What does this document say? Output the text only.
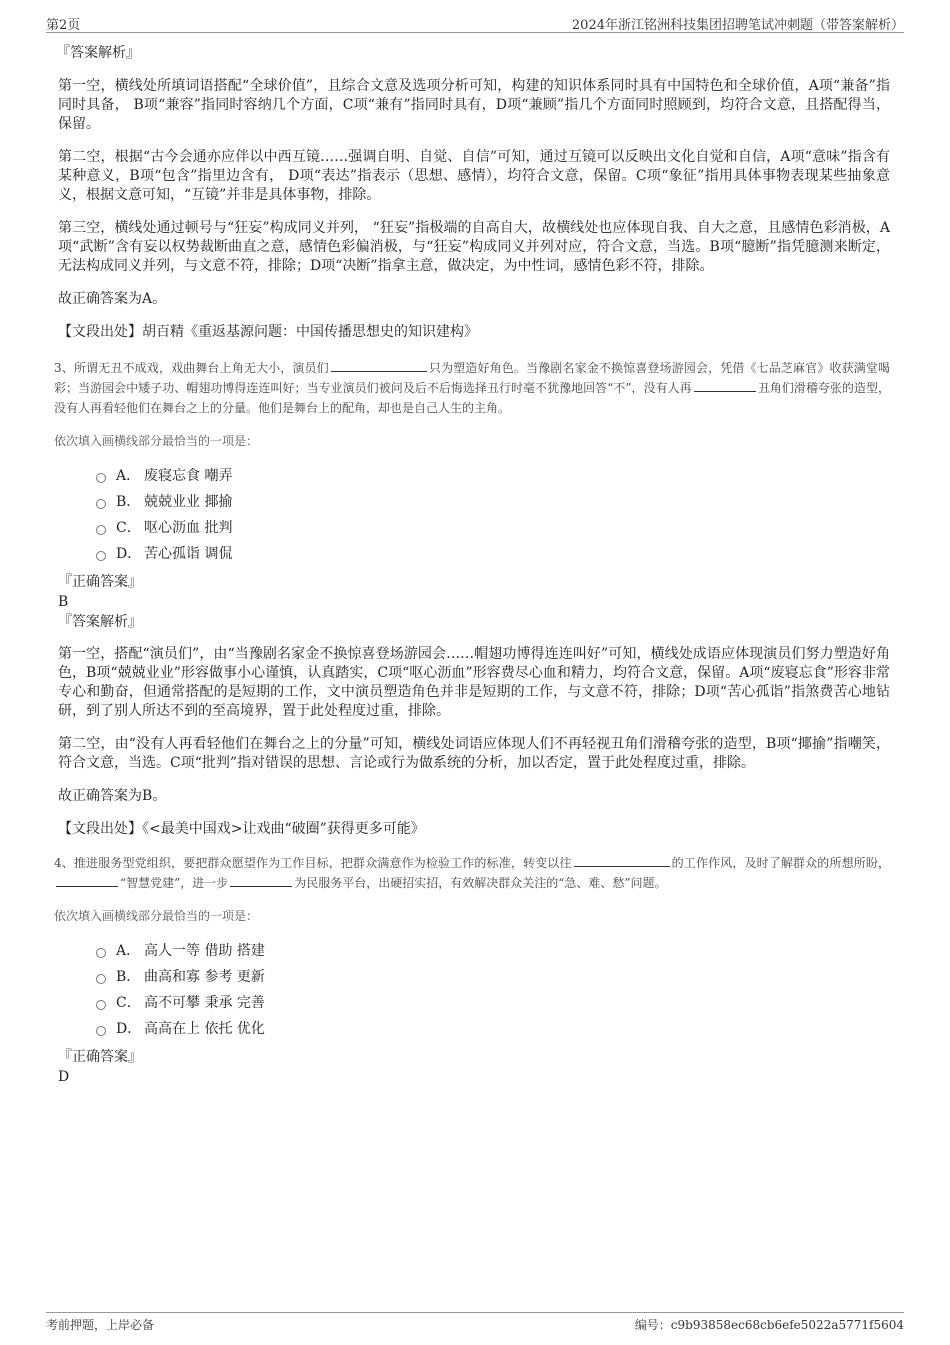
第2页	2024年浙江铭洲科技集团招聘笔试冲刺题（带答案解析）
『答案解析』
第一空，横线处所填词语搭配“全球价值”，且综合文意及选项分析可知，构建的知识体系同时具有中国特色和全球价值，A项“兼备”指同时具备， B项“兼容”指同时容纳几个方面，C项“兼有”指同时具有，D项“兼顾”指几个方面同时照顾到，均符合文意，且搭配得当，保留。
第二空，根据“古今会通亦应伴以中西互镜……强调自明、自觉、自信”可知，通过互镜可以反映出文化自觉和自信，A项“意味”指含有某种意义，B项“包含”指里边含有， D项“表达”指表示（思想、感情），均符合文意，保留。C项“象征”指用具体事物表现某些抽象意义，根据文意可知，“互镜”并非是具体事物，排除。
第三空，横线处通过顿号与“狂妄”构成同义并列， “狂妄”指极端的自高自大，故横线处也应体现自我、自大之意，且感情色彩消极，A项“武断”含有妄以权势裁断曲直之意，感情色彩偏消极，与“狂妄”构成同义并列对应，符合文意，当选。B项“臆断”指凭臆测来断定，无法构成同义并列，与文意不符，排除；D项“决断”指拿主意，做决定，为中性词，感情色彩不符，排除。
故正确答案为A。
【文段出处】胡百精《重返基源问题：中国传播思想史的知识建构》
3、所谓无丑不成戏，戏曲舞台上角无大小，演员们	只为塑造好角色。当豫剧名家金不换惊喜登场游园会，凭借《七品芝麻官》收获满堂喝彩；当游园会中矮子功、帽翅功博得连连叫好；当专业演员们被问及后不后悔选择丑行时毫不犹豫地回答“不”，没有人再	丑角们滑稽夸张的造型，没有人再看轻他们在舞台之上的分量。他们是舞台上的配角，却也是自己人生的主角。
依次填入画横线部分最恰当的一项是：
A． 废寝忘食 嘲弄
B． 兢兢业业 揶揄
C． 呕心沥血 批判
D． 苦心孤诣 调侃
『正确答案』
B
『答案解析』
第一空，搭配“演员们”，由“当豫剧名家金不换惊喜登场游园会……帽翅功博得连连叫好”可知，横线处成语应体现演员们努力塑造好角色，B项“兢兢业业”形容做事小心谨慎，认真踏实，C项“呕心沥血”形容费尽心血和精力，均符合文意，保留。A项“废寝忘食”形容非常专心和勤奋，但通常搭配的是短期的工作，文中演员塑造角色并非是短期的工作，与文意不符，排除；D项“苦心孤诣”指煞费苦心地钻研，到了别人所达不到的至高境界，置于此处程度过重，排除。
第二空，由“没有人再看轻他们在舞台之上的分量”可知，横线处词语应体现人们不再轻视丑角们滑稽夸张的造型，B项“揶揄”指嘲笑，符合文意，当选。C项“批判”指对错误的思想、言论或行为做系统的分析，加以否定，置于此处程度过重，排除。
故正确答案为B。
【文段出处】《<最美中国戏>让戏曲“破圈”获得更多可能》
4、推进服务型党组织，要把群众愿望作为工作目标，把群众满意作为检验工作的标准，转变以往	的工作作风，及时了解群众的所想所盼，“智慧党建”，进一步	为民服务平台，出硬招实招，有效解决群众关注的“急、难、愁”问题。
依次填入画横线部分最恰当的一项是：
A． 高人一等 借助 搭建
B． 曲高和寡 参考 更新
C． 高不可攀 秉承 完善
D． 高高在上 依托 优化
『正确答案』
D
考前押题，上岸必备	编号：c9b93858ec68cb6efe5022a5771f5604
